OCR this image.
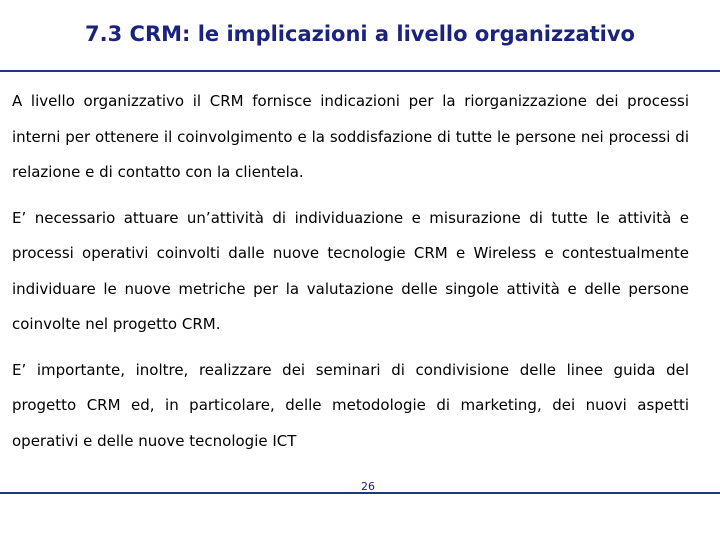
7.3 CRM: le implicazioni a livello organizzativo

A livello organizzativo il CRM fornisce indicazioni per la riorganizzazione dei processi interni per ottenere il coinvolgimento e la soddisfazione di tutte le persone nei processi di relazione e di contatto con la clientela.

E’ necessario attuare un’attività di individuazione e misurazione di tutte le attività e processi operativi coinvolti dalle nuove tecnologie CRM e Wireless e contestualmente individuare le nuove metriche per la valutazione delle singole attività e delle persone coinvolte nel progetto CRM.

E’ importante, inoltre, realizzare dei seminari di condivisione delle linee guida del progetto CRM ed, in particolare, delle metodologie di marketing, dei nuovi aspetti operativi e delle nuove tecnologie ICT

26
